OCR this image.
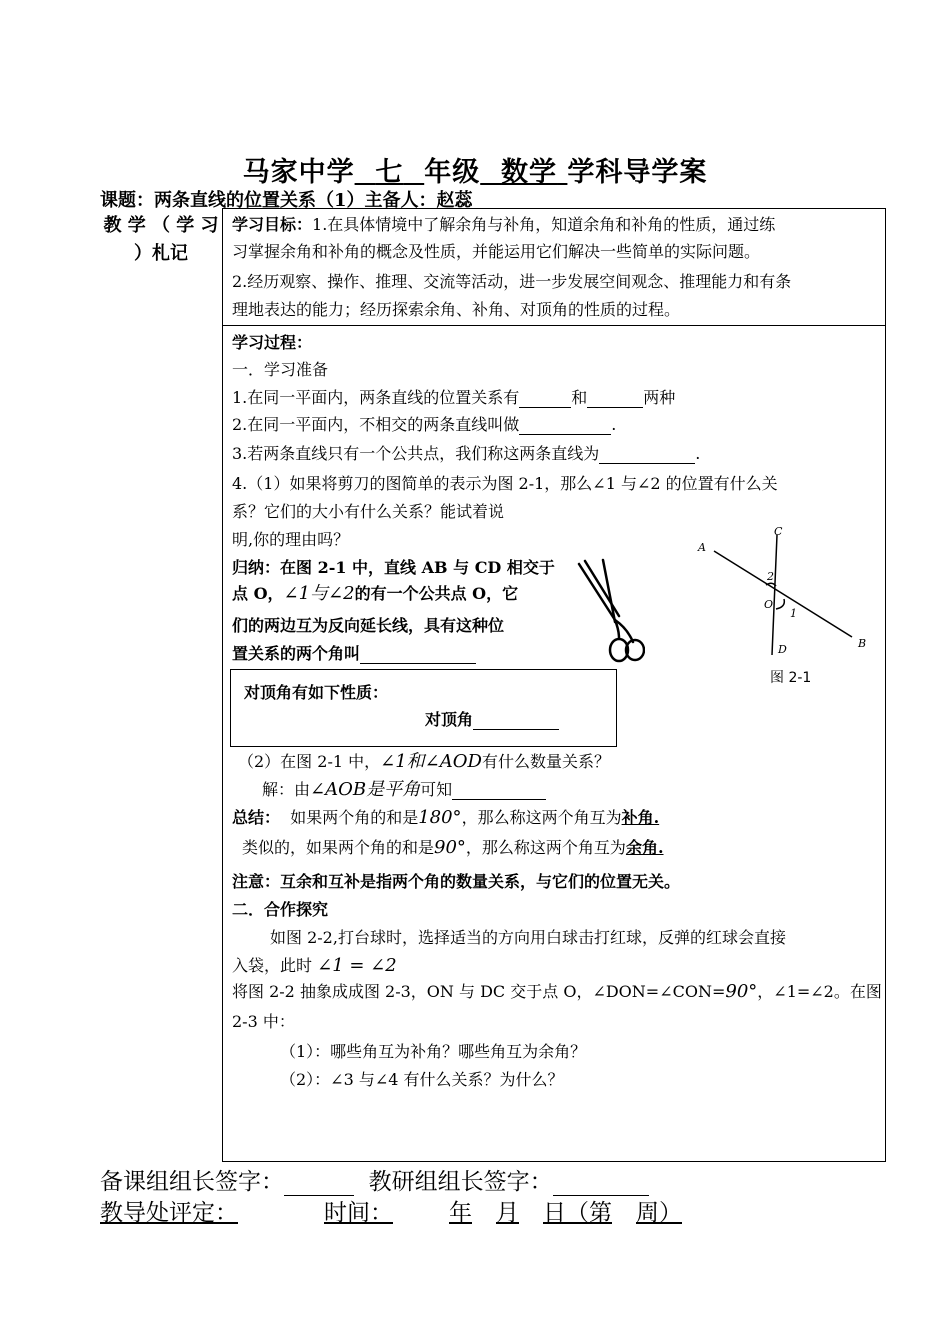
马家中学 七 年级 数学 学科导学案
课题：两条直线的位置关系（1）主备人：赵蕊
教 学 （ 学 习 ）札记
学习目标：1.在具体情境中了解余角与补角，知道余角和补角的性质，通过练
习掌握余角和补角的概念及性质，并能运用它们解决一些简单的实际问题。
2.经历观察、操作、推理、交流等活动，进一步发展空间观念、推理能力和有条
理地表达的能力；经历探索余角、补角、对顶角的性质的过程。
学习过程：
一．学习准备
1.在同一平面内，两条直线的位置关系有	和	两种
2.在同一平面内，不相交的两条直线叫做	.
3.若两条直线只有一个公共点，我们称这两条直线为	.
4.（1）如果将剪刀的图简单的表示为图 2-1，那么∠1 与∠2 的位置有什么关
系？它们的大小有什么关系？能试着说
明,你的理由吗？
归纳：在图 2-1 中，直线 AB 与 CD 相交于
点 O，∠1与∠2的有一个公共点 O，它
们的两边互为反向延长线，具有这种位
置关系的两个角叫
对顶角有如下性质：
对顶角
A
C
2
O
1
D	B
图 2-1
（2）在图 2-1 中，∠1和∠AOD有什么数量关系？
解：由∠AOB是平角可知
总结： 如果两个角的和是180°，那么称这两个角互为补角.
类似的，如果两个角的和是90°，那么称这两个角互为余角.
注意：互余和互补是指两个角的数量关系，与它们的位置无关。
二．合作探究
如图 2-2,打台球时，选择适当的方向用白球击打红球，反弹的红球会直接
入袋，此时 ∠1 = ∠2
将图 2-2 抽象成成图 2-3，ON 与 DC 交于点 O，∠DON=∠CON=90°，∠1=∠2。在图
2-3 中：
（1）：哪些角互为补角？哪些角互为余角？
（2）：∠3 与∠4 有什么关系？为什么？
备课组组长签字：	教研组组长签字：
教导处评定：	时间： 年 月 日（第 周）
